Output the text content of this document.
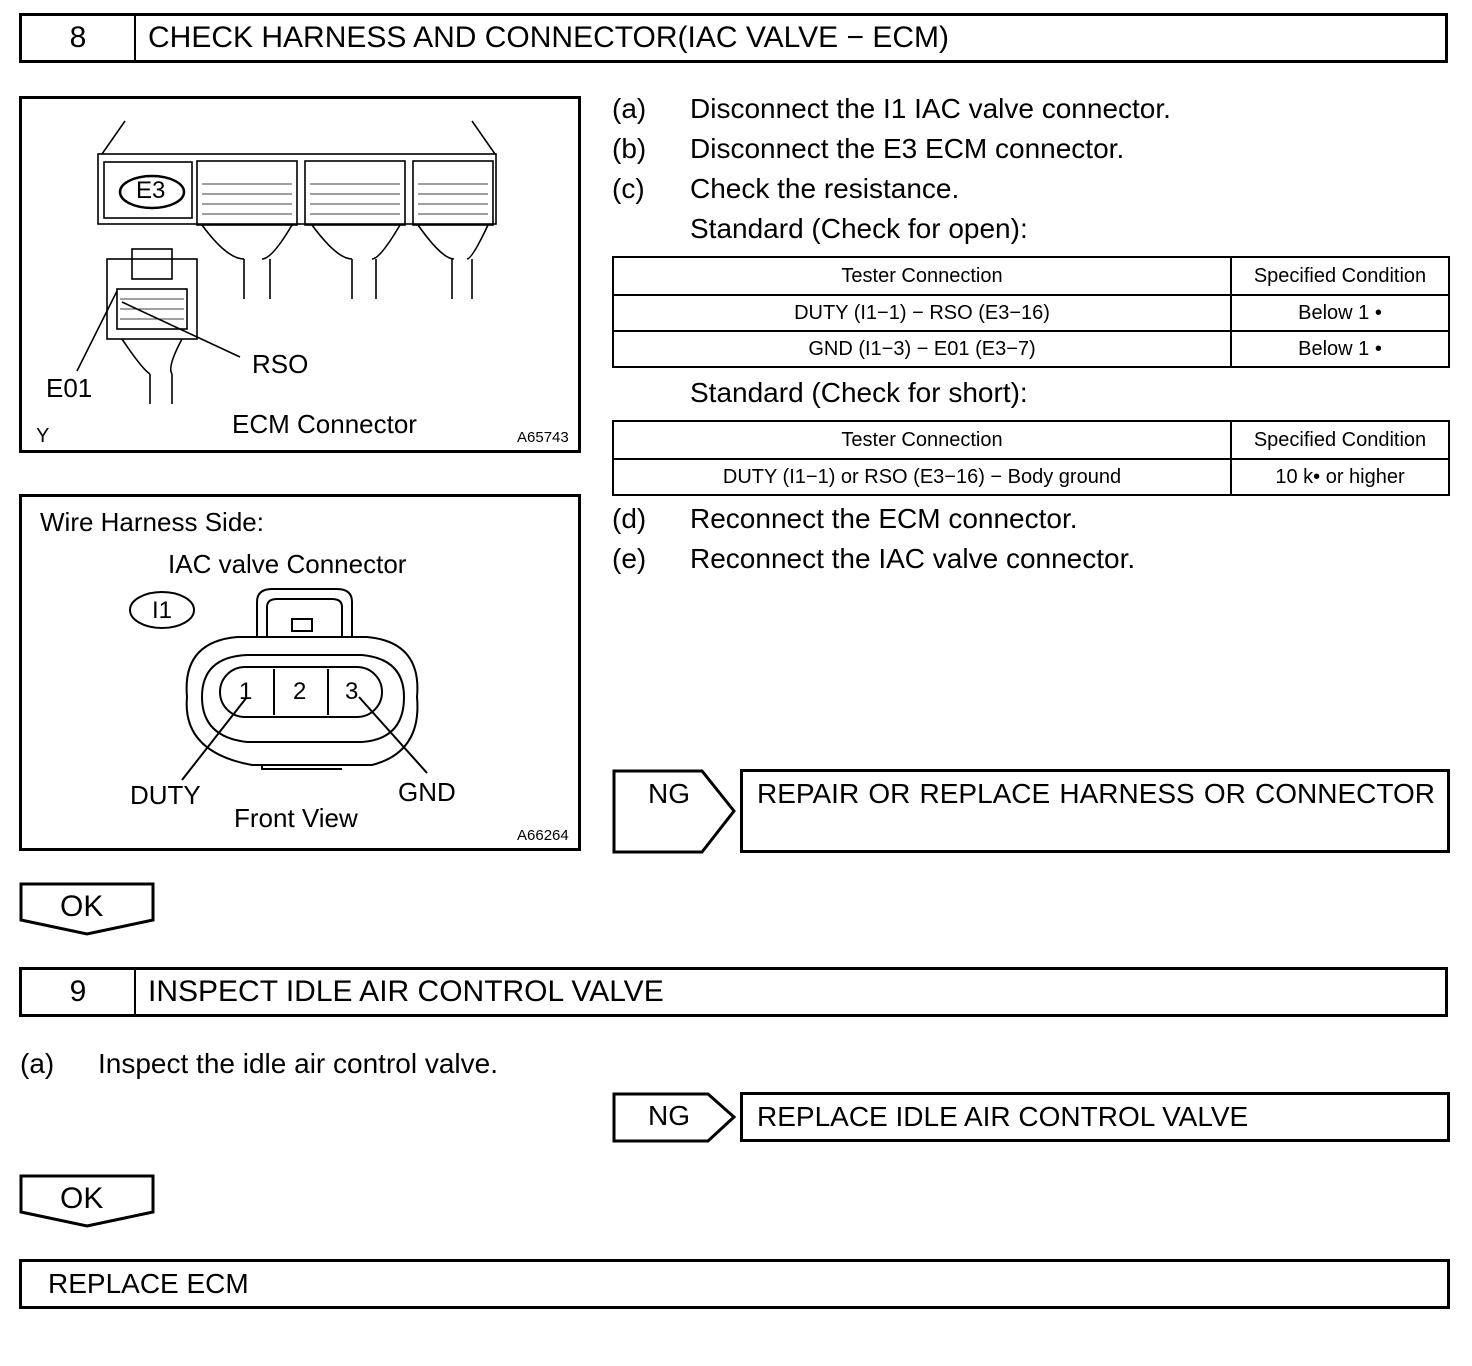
8	CHECK HARNESS AND CONNECTOR(IAC VALVE − ECM)
E3
RSO
E01
ECM Connector
Y	A65743
Wire Harness Side:
IAC valve Connector
I1
1 2 3
DUTY	GND
Front View
A66264
(a) Disconnect the I1 IAC valve connector.
(b) Disconnect the E3 ECM connector.
(c) Check the resistance.
Standard (Check for open):
Tester Connection	Specified Condition
DUTY (I1−1) − RSO (E3−16)	Below 1 •
GND (I1−3) − E01 (E3−7)	Below 1 •
Standard (Check for short):
Tester Connection	Specified Condition
DUTY (I1−1) or RSO (E3−16) − Body ground	10 k• or higher
(d) Reconnect the ECM connector.
(e) Reconnect the IAC valve connector.
NG REPAIR OR REPLACE HARNESS OR CONNECTOR
OK
9	INSPECT IDLE AIR CONTROL VALVE
(a) Inspect the idle air control valve.
NG REPLACE IDLE AIR CONTROL VALVE
OK
REPLACE ECM
